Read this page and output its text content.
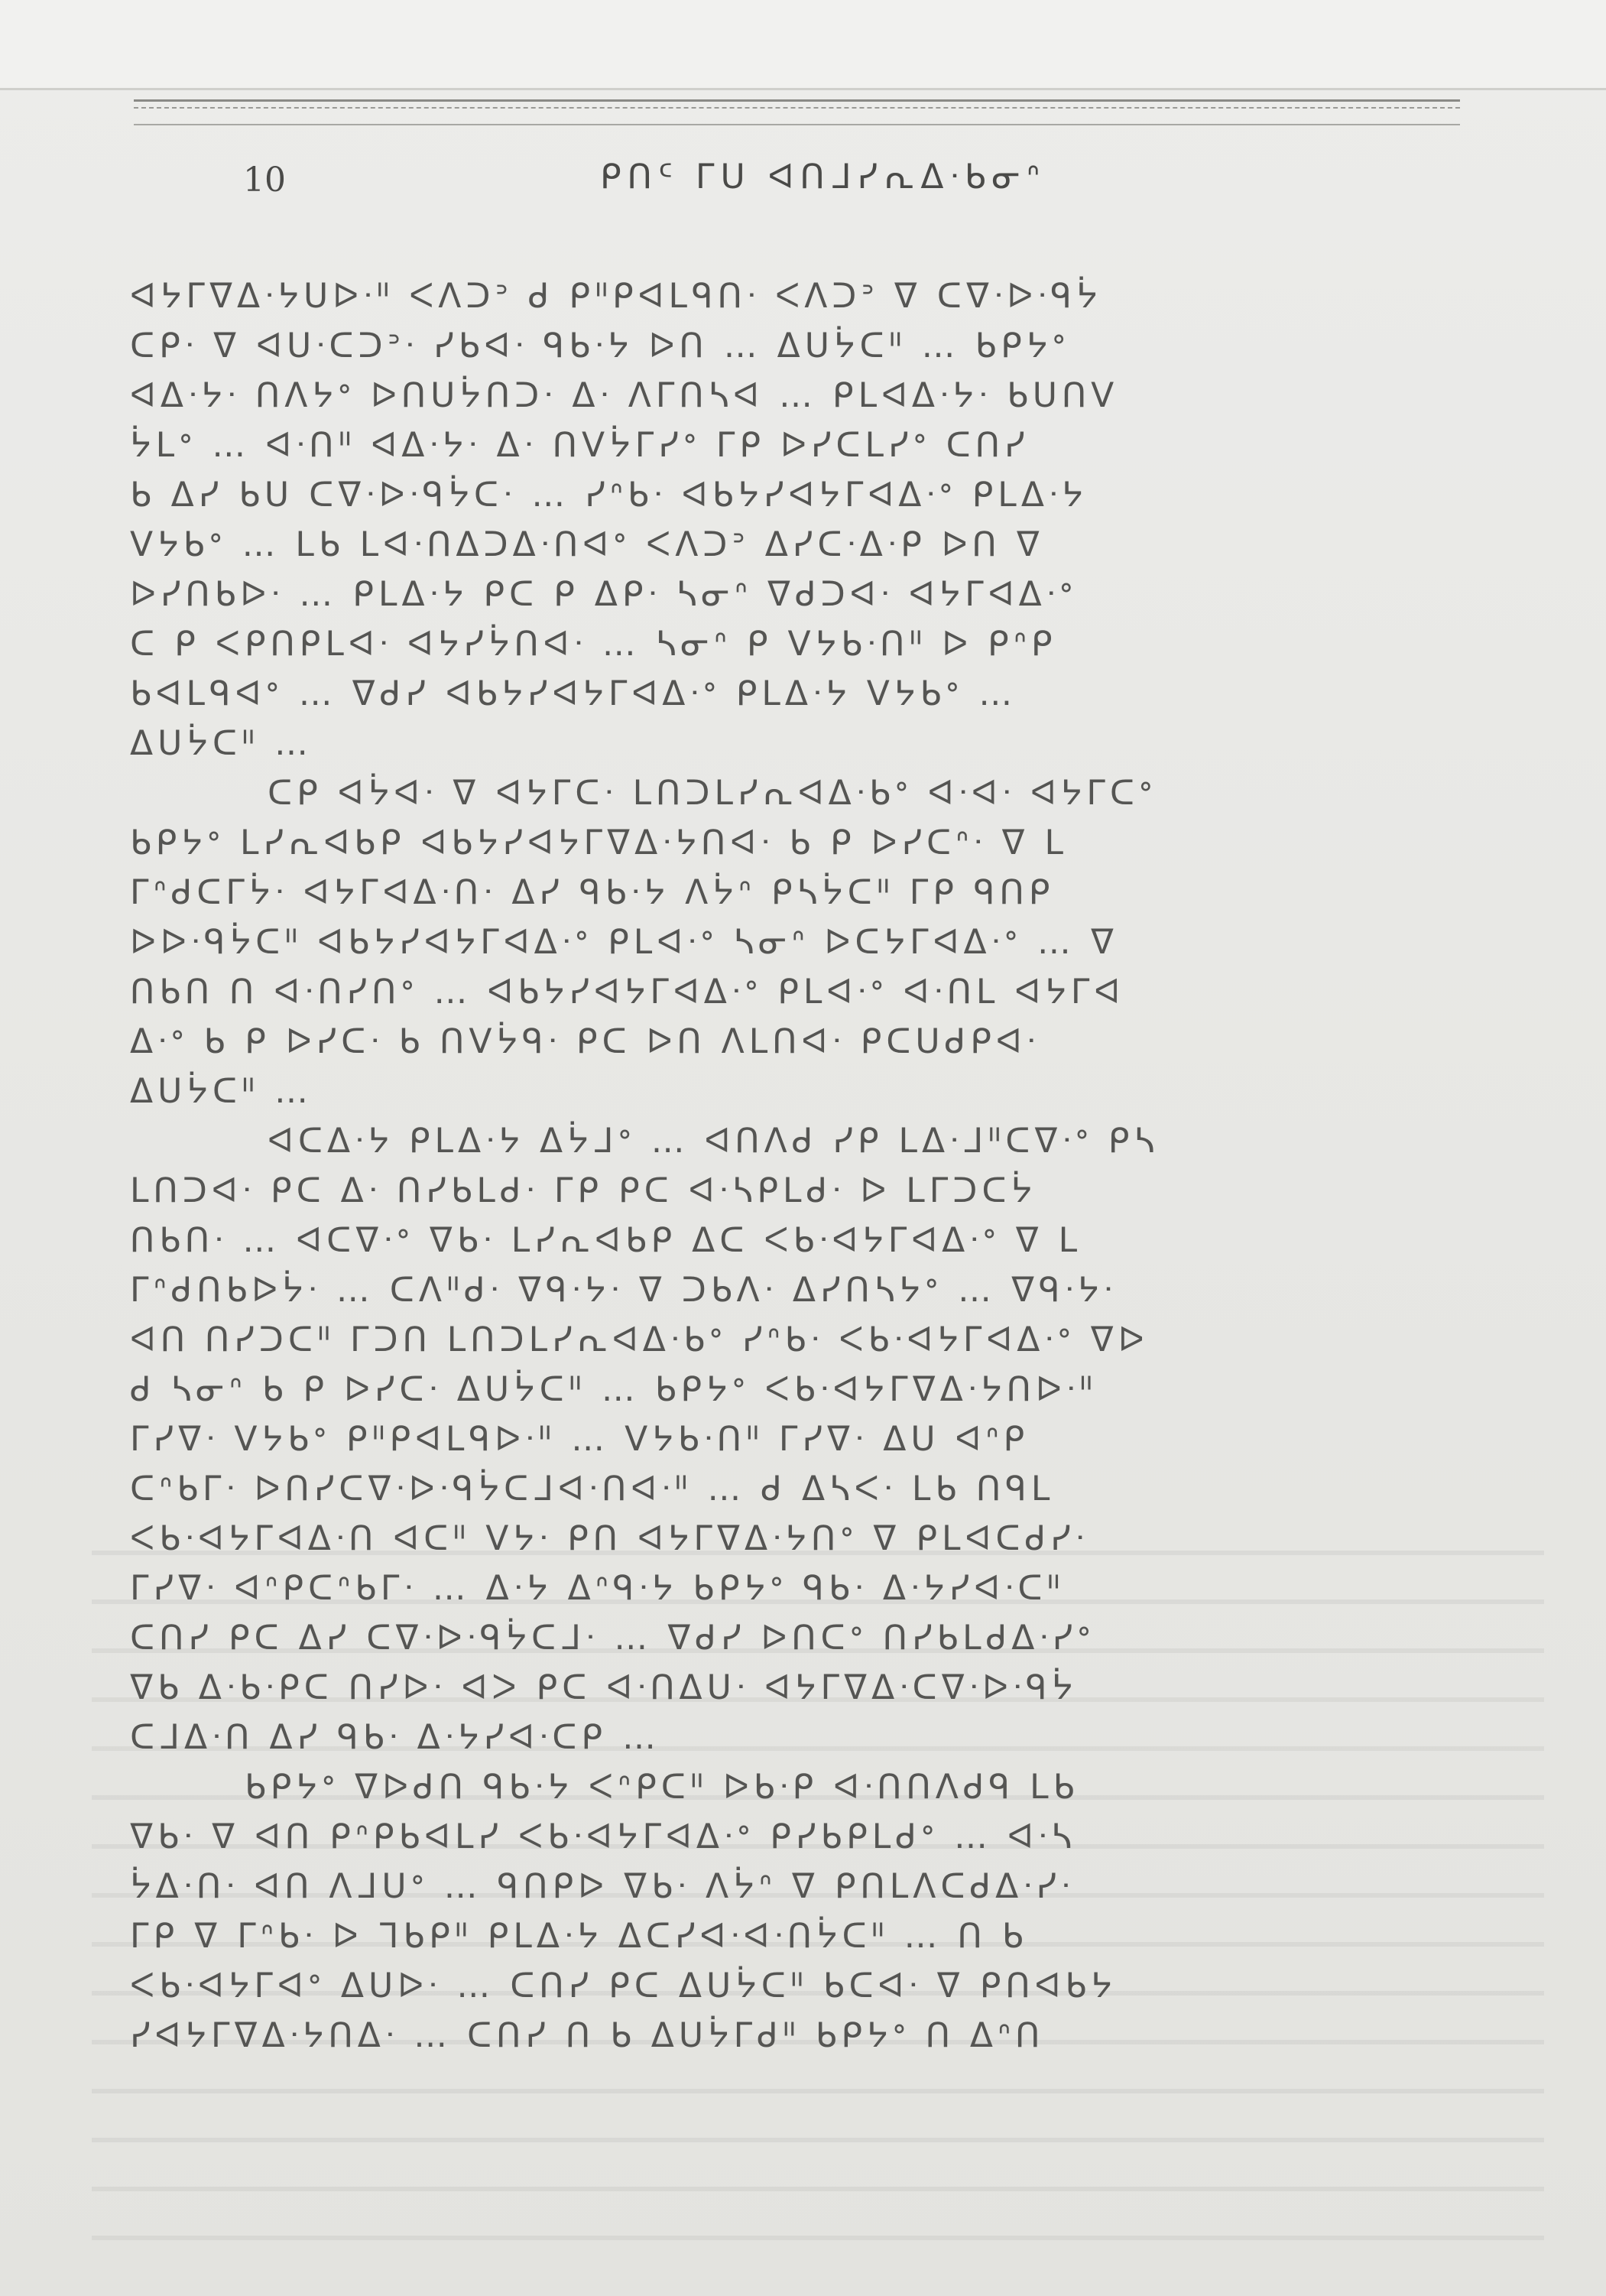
10	ᑭᑎᑦ ᒥᑌ ᐊᑎᒧᓯᕆᐃᐧᑲᓂᐢ
ᐊᔭᒥᐁᐃᐧᔭᑌᐅᐧᐦ ᐸᐱᑐᐣ ᑯ ᑭᐦᑭᐊᒪᑫᑎᐧ ᐸᐱᑐᐣ ᐁ ᑕᐁᐧᐅᐧᑫᔮ
ᑕᑭᐧ ᐁ ᐊᑌᐧᑕᑐᐣᐧ ᓯᑲᐊᐧ ᑫᑲᐧᔭ ᐅᑎ … ᐃᑌᔮᑕᐦ … ᑲᑭᔭᐤ
ᐊᐃᐧᔭᐧ ᑎᐱᔭᐤ ᐅᑎᑌᔮᑎᑐᐧ ᐃᐧ ᐱᒥᑎᓴᐊ … ᑭᒪᐊᐃᐧᔭᐧ ᑲᑌᑎᐯ
ᔮᒪᐤ … ᐊᐧᑎᐦ ᐊᐃᐧᔭᐧ ᐃᐧ ᑎᐯᔮᒥᓯᐤ ᒥᑭ ᐅᓯᑕᒪᓯᐤ ᑕᑎᓯ
ᑲ ᐃᓯ ᑲᑌ ᑕᐁᐧᐅᐧᑫᔮᑕᐧ … ᓯᐢᑲᐧ ᐊᑲᔭᓯᐊᔭᒥᐊᐃᐧᐤ ᑭᒪᐃᐧᔭ
ᐯᔭᑲᐤ … ᒪᑲ ᒪᐊᐧᑎᐃᑐᐃᐧᑎᐊᐤ ᐸᐱᑐᐣ ᐃᓯᑕᐧᐃᐧᑭ ᐅᑎ ᐁ
ᐅᓯᑎᑲᐅᐧ … ᑭᒪᐃᐧᔭ ᑭᑕ ᑭ ᐃᑭᐧ ᓴᓂᐢ ᐁᑯᑐᐊᐧ ᐊᔭᒥᐊᐃᐧᐤ
ᑕ ᑭ ᐸᑭᑎᑭᒪᐊᐧ ᐊᔭᓯᔮᑎᐊᐧ … ᓴᓂᐢ ᑭ ᐯᔭᑲᐧᑎᐦ ᐅ ᑭᐢᑭ
ᑲᐊᒪᑫᐊᐤ … ᐁᑯᓯ ᐊᑲᔭᓯᐊᔭᒥᐊᐃᐧᐤ ᑭᒪᐃᐧᔭ ᐯᔭᑲᐤ …
ᐃᑌᔮᑕᐦ …
ᑕᑭ ᐊᔮᐊᐧ ᐁ ᐊᔭᒥᑕᐧ ᒪᑎᑐᒪᓯᕆᐊᐃᐧᑲᐤ ᐊᐧᐊᐧ ᐊᔭᒥᑕᐤ
ᑲᑭᔭᐤ ᒪᓯᕆᐊᑲᑭ ᐊᑲᔭᓯᐊᔭᒥᐁᐃᐧᔭᑎᐊᐧ ᑲ ᑭ ᐅᓯᑕᐢᐧ ᐁ ᒪ
ᒥᐢᑯᑕᒥᔮᐧ ᐊᔭᒥᐊᐃᐧᑎᐧ ᐃᓯ ᑫᑲᐧᔭ ᐱᔮᐢ ᑭᓴᔮᑕᐦ ᒥᑭ ᑫᑎᑭ
ᐅᐅᐧᑫᔮᑕᐦ ᐊᑲᔭᓯᐊᔭᒥᐊᐃᐧᐤ ᑭᒪᐊᐧᐤ ᓴᓂᐢ ᐅᑕᔭᒥᐊᐃᐧᐤ … ᐁ
ᑎᑲᑎ ᑎ ᐊᐧᑎᓯᑎᐤ … ᐊᑲᔭᓯᐊᔭᒥᐊᐃᐧᐤ ᑭᒪᐊᐧᐤ ᐊᐧᑎᒪ ᐊᔭᒥᐊ
ᐃᐧᐤ ᑲ ᑭ ᐅᓯᑕᐧ ᑲ ᑎᐯᔮᑫᐧ ᑭᑕ ᐅᑎ ᐱᒪᑎᐊᐧ ᑭᑕᑌᑯᑭᐊᐧ
ᐃᑌᔮᑕᐦ …
ᐊᑕᐃᐧᔭ ᑭᒪᐃᐧᔭ ᐃᔮᒧᐤ … ᐊᑎᐱᑯ ᓯᑭ ᒪᐃᐧᒧᐦᑕᐁᐧᐤ ᑭᓴ
ᒪᑎᑐᐊᐧ ᑭᑕ ᐃᐧ ᑎᓯᑲᒪᑯᐧ ᒥᑭ ᑭᑕ ᐊᐧᓴᑭᒪᑯᐧ ᐅ ᒪᒥᑐᑕᔮ
ᑎᑲᑎᐧ … ᐊᑕᐁᐧᐤ ᐁᑲᐧ ᒪᓯᕆᐊᑲᑭ ᐃᑕ ᐸᑲᐧᐊᔭᒥᐊᐃᐧᐤ ᐁ ᒪ
ᒥᐢᑯᑎᑲᐅᔮᐧ … ᑕᐱᐦᑯᐧ ᐁᑫᐧᔭᐧ ᐁ ᑐᑲᐱᐧ ᐃᓯᑎᓴᔭᐤ … ᐁᑫᐧᔭᐧ
ᐊᑎ ᑎᓯᑐᑕᐦ ᒥᑐᑎ ᒪᑎᑐᒪᓯᕆᐊᐃᐧᑲᐤ ᓯᐢᑲᐧ ᐸᑲᐧᐊᔭᒥᐊᐃᐧᐤ ᐁᐅ
ᑯ ᓴᓂᐢ ᑲ ᑭ ᐅᓯᑕᐧ ᐃᑌᔮᑕᐦ … ᑲᑭᔭᐤ ᐸᑲᐧᐊᔭᒥᐁᐃᐧᔭᑎᐅᐧᐦ
ᒥᓯᐁᐧ ᐯᔭᑲᐤ ᑭᐦᑭᐊᒪᑫᐅᐧᐦ … ᐯᔭᑲᐧᑎᐦ ᒥᓯᐁᐧ ᐃᑌ ᐊᐢᑭ
ᑕᐢᑲᒥᐧ ᐅᑎᓯᑕᐁᐧᐅᐧᑫᔮᑕᒧᐊᐧᑎᐊᐧᐦ … ᑯ ᐃᓴᐸᐧ ᒪᑲ ᑎᑫᒪ
ᐸᑲᐧᐊᔭᒥᐊᐃᐧᑎ ᐊᑕᐦ ᐯᔭᐧ ᑭᑎ ᐊᔭᒥᐁᐃᐧᔭᑎᐤ ᐁ ᑭᒪᐊᑕᑯᓯᐧ
ᒥᓯᐁᐧ ᐊᐢᑭᑕᐢᑲᒥᐧ … ᐃᐧᔭ ᐃᐢᑫᐧᔭ ᑲᑭᔭᐤ ᑫᑲᐧ ᐃᐧᔭᓯᐊᐧᑕᐦ
ᑕᑎᓯ ᑭᑕ ᐃᓯ ᑕᐁᐧᐅᐧᑫᔮᑕᒧᐧ … ᐁᑯᓯ ᐅᑎᑕᐤ ᑎᓯᑲᒪᑯᐃᐧᓯᐤ
ᐁᑲ ᐃᐧᑲᐧᑭᑕ ᑎᓯᐅᐧ ᐊᐳ ᑭᑕ ᐊᐧᑎᐃᑌᐧ ᐊᔭᒥᐁᐃᐧᑕᐁᐧᐅᐧᑫᔮ
ᑕᒧᐃᐧᑎ ᐃᓯ ᑫᑲᐧ ᐃᐧᔭᓯᐊᐧᑕᑭ …
ᑲᑭᔭᐤ ᐁᐅᑯᑎ ᑫᑲᐧᔭ ᐸᐢᑭᑕᐦ ᐅᑲᐧᑭ ᐊᐧᑎᑎᐱᑯᑫ ᒪᑲ
ᐁᑲᐧ ᐁ ᐊᑎ ᑭᐢᑭᑲᐊᒪᓯ ᐸᑲᐧᐊᔭᒥᐊᐃᐧᐤ ᑭᓯᑲᑭᒪᑯᐤ … ᐊᐧᓴ
ᔮᐃᐧᑎᐧ ᐊᑎ ᐱᒧᑌᐤ … ᑫᑎᑭᐅ ᐁᑲᐧ ᐱᔮᐢ ᐁ ᑭᑎᒪᐱᑕᑯᐃᐧᓯᐧ
ᒥᑭ ᐁ ᒥᐢᑲᐧ ᐅ ᒣᑲᑭᐦ ᑭᒪᐃᐧᔭ ᐃᑕᓯᐊᐧᐊᐧᑎᔮᑕᐦ … ᑎ ᑲ
ᐸᑲᐧᐊᔭᒥᐊᐤ ᐃᑌᐅᐧ … ᑕᑎᓯ ᑭᑕ ᐃᑌᔮᑕᐦ ᑲᑕᐊᐧ ᐁ ᑭᑎᐊᑲᔭ
ᓯᐊᔭᒥᐁᐃᐧᔭᑎᐃᐧ … ᑕᑎᓯ ᑎ ᑲ ᐃᑌᔮᒥᑯᐦ ᑲᑭᔭᐤ ᑎ ᐃᐢᑎ
